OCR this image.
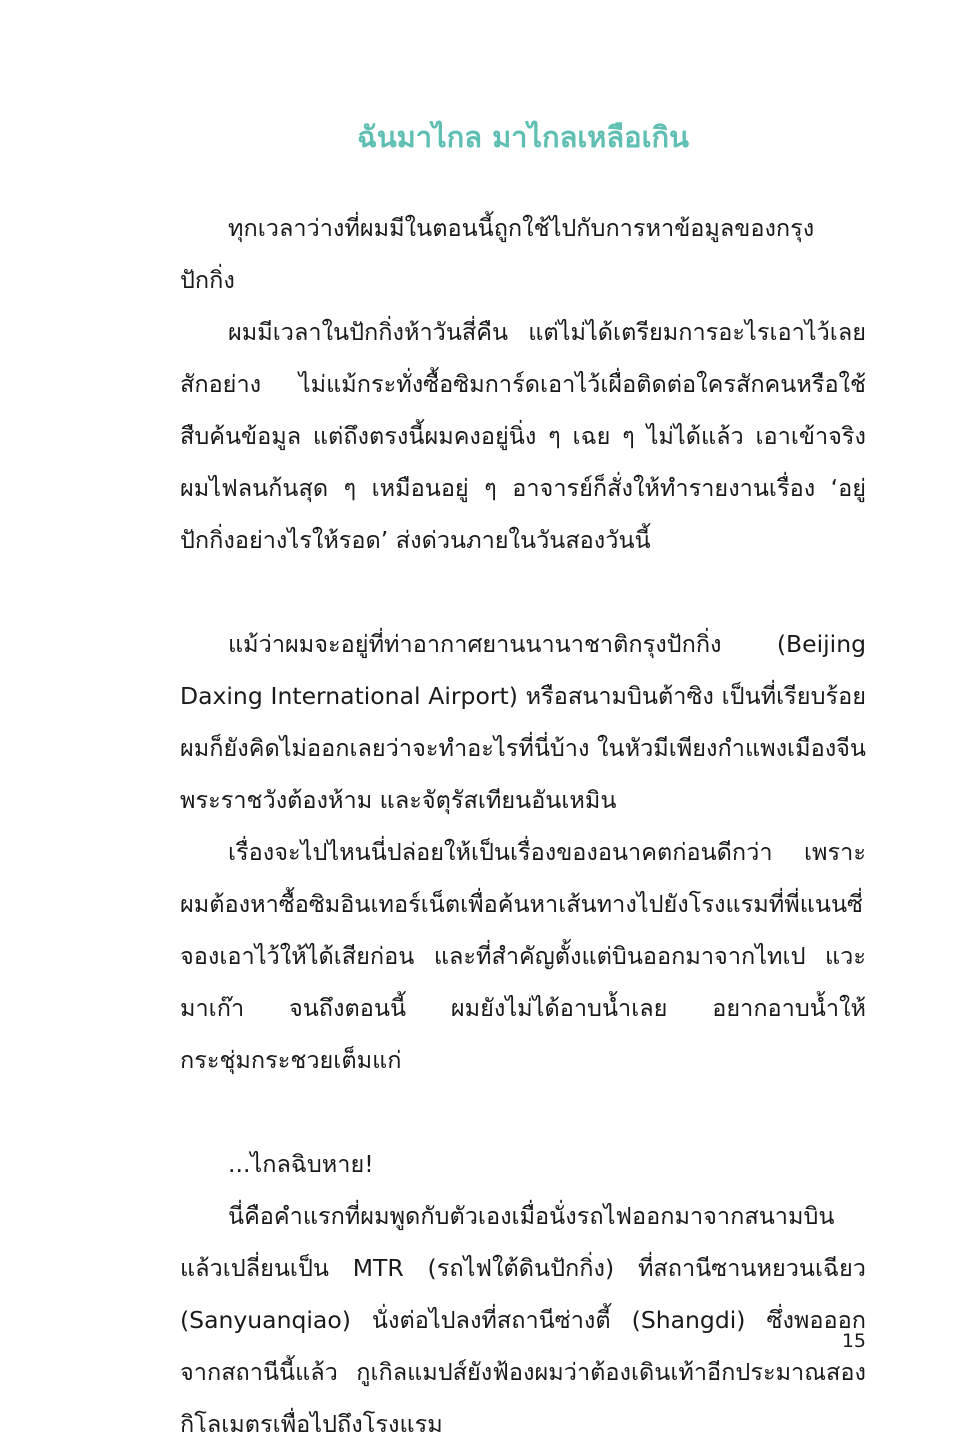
ฉันมาไกล มาไกลเหลือเกิน

ทุกเวลาว่างที่ผมมีในตอนนี้ถูกใช้ไปกับการหาข้อมูลของกรุงปักกิ่ง

ผมมีเวลาในปักกิ่งห้าวันสี่คืน แต่ไม่ได้เตรียมการอะไรเอาไว้เลยสักอย่าง ไม่แม้กระทั่งซื้อซิมการ์ดเอาไว้เผื่อติดต่อใครสักคนหรือใช้สืบค้นข้อมูล แต่ถึงตรงนี้ผมคงอยู่นิ่ง ๆ เฉย ๆ ไม่ได้แล้ว เอาเข้าจริงผมไฟลนก้นสุด ๆ เหมือนอยู่ ๆ อาจารย์ก็สั่งให้ทำรายงานเรื่อง ‘อยู่ปักกิ่งอย่างไรให้รอด’ ส่งด่วนภายในวันสองวันนี้

แม้ว่าผมจะอยู่ที่ท่าอากาศยานนานาชาติกรุงปักกิ่ง (Beijing Daxing International Airport) หรือสนามบินต้าซิง เป็นที่เรียบร้อย ผมก็ยังคิดไม่ออกเลยว่าจะทำอะไรที่นี่บ้าง ในหัวมีเพียงกำแพงเมืองจีน พระราชวังต้องห้าม และจัตุรัสเทียนอันเหมิน

เรื่องจะไปไหนนี่ปล่อยให้เป็นเรื่องของอนาคตก่อนดีกว่า เพราะผมต้องหาซื้อซิมอินเทอร์เน็ตเพื่อค้นหาเส้นทางไปยังโรงแรมที่พี่แนนซี่จองเอาไว้ให้ได้เสียก่อน และที่สำคัญตั้งแต่บินออกมาจากไทเป แวะมาเก๊า จนถึงตอนนี้ ผมยังไม่ได้อาบน้ำเลย อยากอาบน้ำให้กระชุ่มกระชวยเต็มแก่

...ไกลฉิบหาย!

นี่คือคำแรกที่ผมพูดกับตัวเองเมื่อนั่งรถไฟออกมาจากสนามบิน แล้วเปลี่ยนเป็น MTR (รถไฟใต้ดินปักกิ่ง) ที่สถานีซานหยวนเฉียว (Sanyuanqiao) นั่งต่อไปลงที่สถานีซ่างตี้ (Shangdi) ซึ่งพอออกจากสถานีนี้แล้ว กูเกิลแมปส์ยังฟ้องผมว่าต้องเดินเท้าอีกประมาณสองกิโลเมตรเพื่อไปถึงโรงแรม

15
